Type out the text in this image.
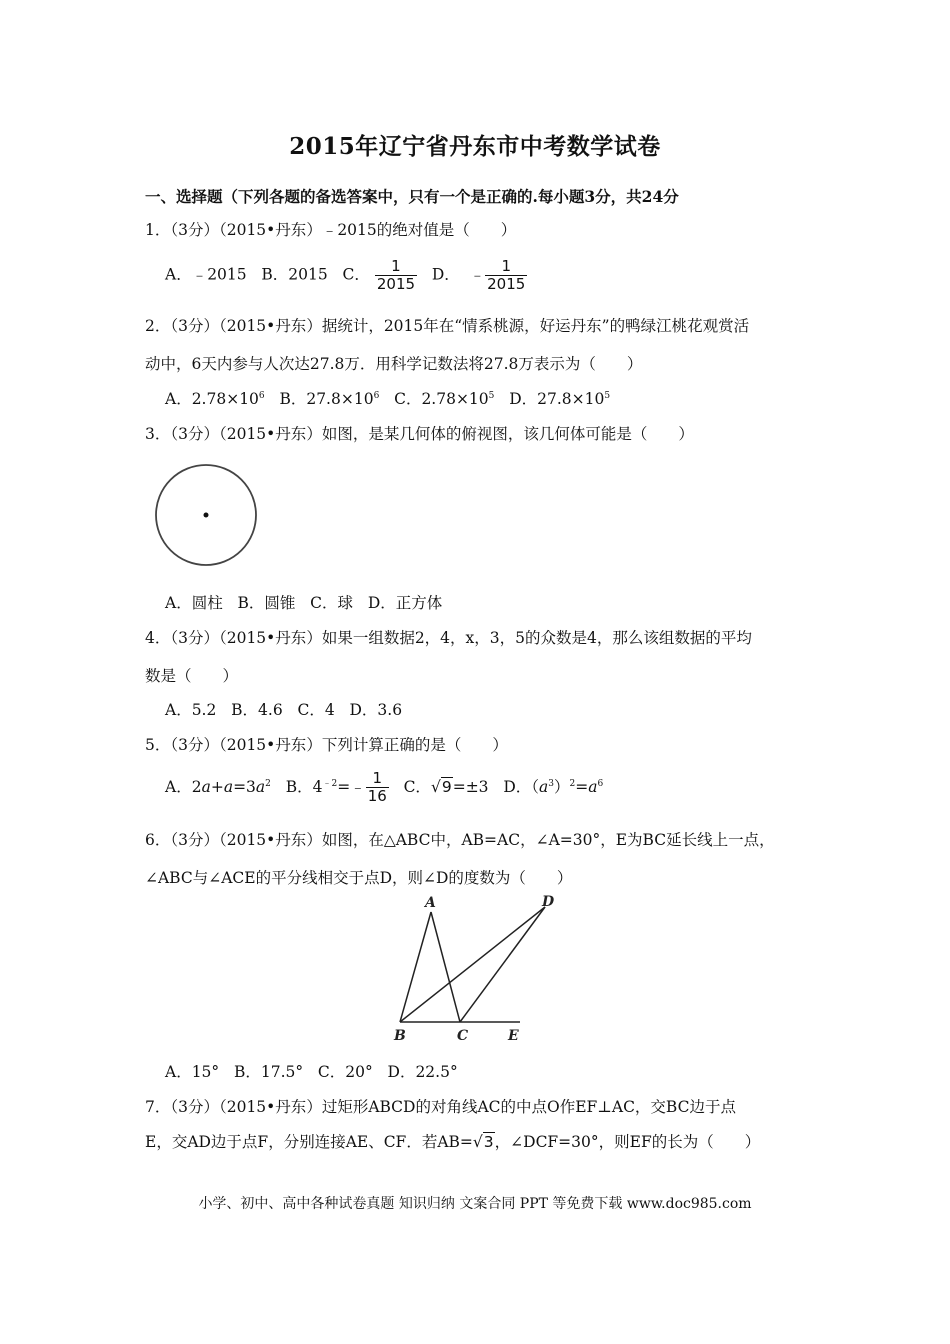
2015年辽宁省丹东市中考数学试卷
一、选择题（下列各题的备选答案中，只有一个是正确的.每小题3分，共24分
1．（3分）（2015•丹东）﹣2015的绝对值是（　　）
A．﹣2015 B．2015 C． $\frac{1}{2015}$ D． ﹣ $\frac{1}{2015}$
2．（3分）（2015•丹东）据统计，2015年在“情系桃源，好运丹东”的鸭绿江桃花观赏活
动中，6天内参与人次达27.8万．用科学记数法将27.8万表示为（　　）
A．$2.78\times 10^6$ B．$27.8\times 10^6$ C．$2.78\times 10^5$ D．$27.8\times 10^5$
3．（3分）（2015•丹东）如图，是某几何体的俯视图，该几何体可能是（　　）
A．圆柱 B．圆锥 C．球 D．正方体
4．（3分）（2015•丹东）如果一组数据2，4，x，3，5的众数是4，那么该组数据的平均
数是（　　）
A．5.2 B．4.6 C．4 D．3.6
5．（3分）（2015•丹东）下列计算正确的是（　　）
A．$2a+a=3a^2$ B．$4^{﹣2}=﹣ \frac{1}{16}$ C．√9=±3 D．$(a^3)^2=a^6$
6．（3分）（2015•丹东）如图，在△ABC中，AB=AC，∠A=30°，E为BC延长线上一点，
∠ABC与∠ACE的平分线相交于点D，则∠D的度数为（　　）
A
B	C
D
E
A．15° B．17.5° C．20° D．22.5°
7．（3分）（2015•丹东）过矩形ABCD的对角线AC的中点O作EF⊥AC，交BC边于点
E，交AD边于点F，分别连接AE、CF．若AB=√3，∠DCF=30°，则EF的长为（　　）
小学、初中、高中各种试卷真题 知识归纳 文案合同 PPT 等免费下载 www.doc985.com
